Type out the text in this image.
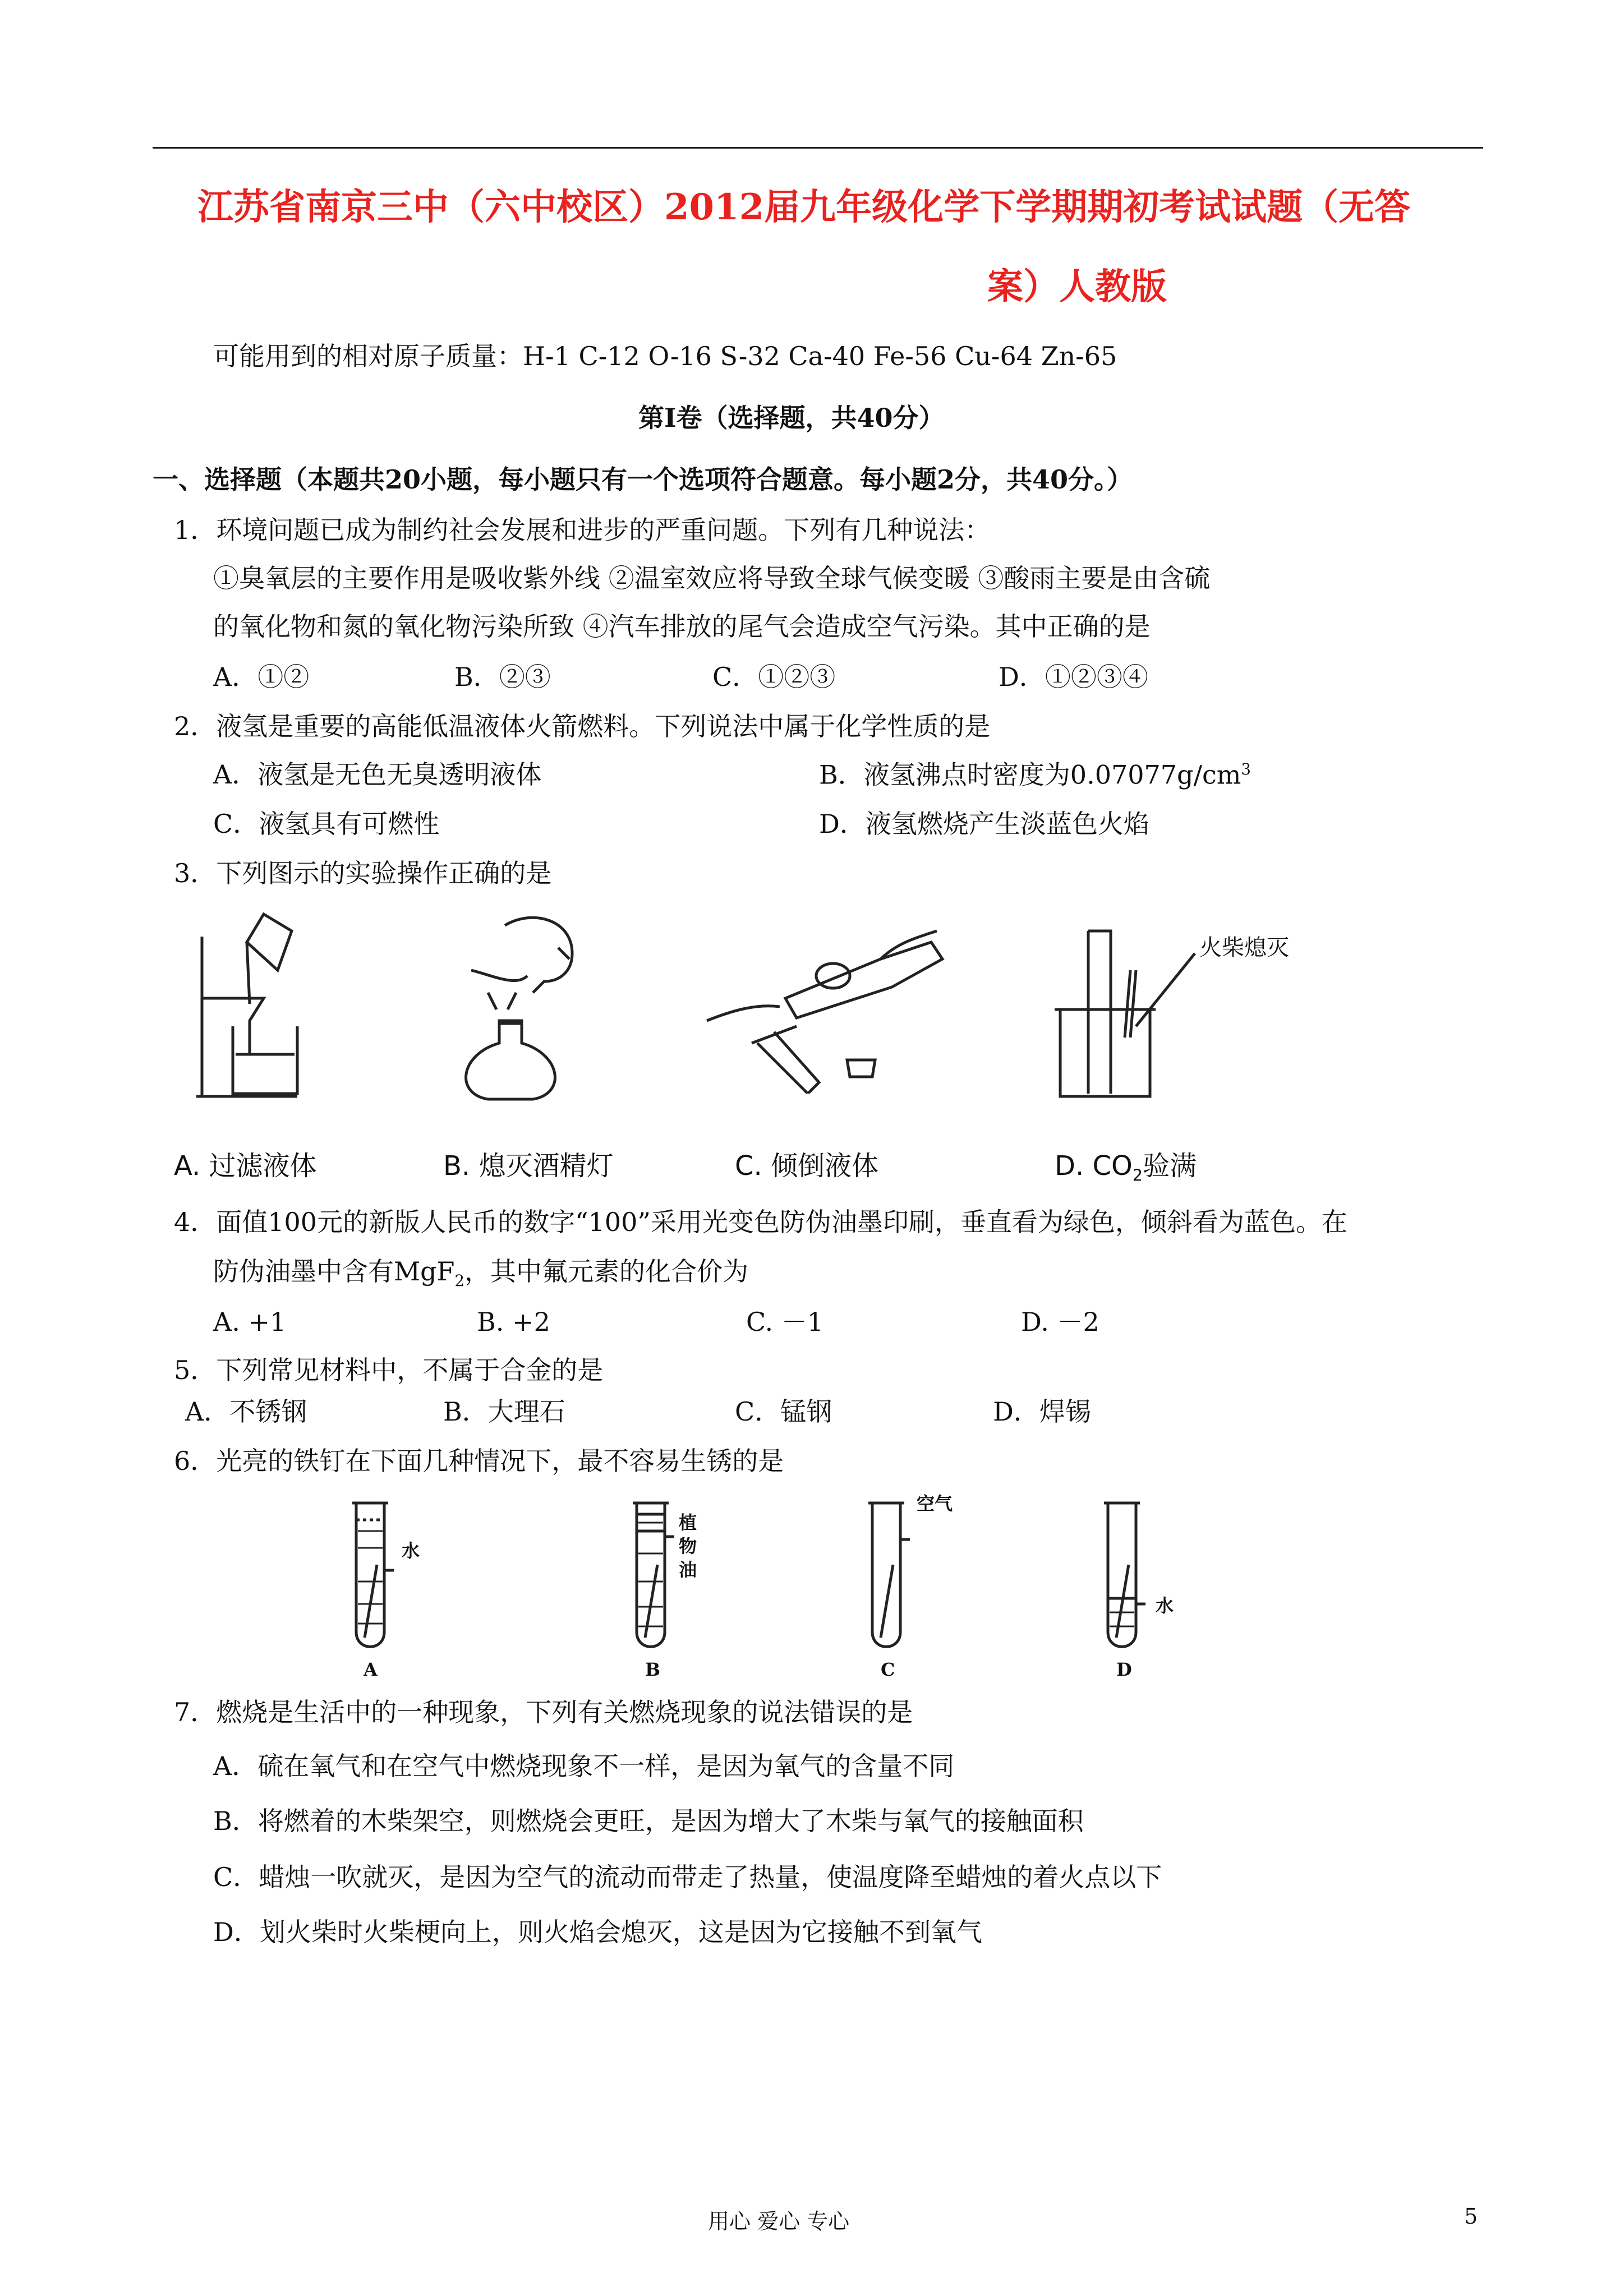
江苏省南京三中（六中校区）2012届九年级化学下学期期初考试试题（无答
案）人教版
可能用到的相对原子质量：H-1 C-12 O-16 S-32 Ca-40 Fe-56 Cu-64 Zn-65
第Ⅰ卷（选择题，共40分）
一、选择题（本题共20小题，每小题只有一个选项符合题意。每小题2分，共40分。）
1．环境问题已成为制约社会发展和进步的严重问题。下列有几种说法：
①臭氧层的主要作用是吸收紫外线 ②温室效应将导致全球气候变暖 ③酸雨主要是由含硫
的氧化物和氮的氧化物污染所致 ④汽车排放的尾气会造成空气污染。其中正确的是
A．①②	B．②③	C．①②③	D．①②③④
2．液氢是重要的高能低温液体火箭燃料。下列说法中属于化学性质的是
A．液氢是无色无臭透明液体	B．液氢沸点时密度为$0.07077g/cm^3$
C．液氢具有可燃性	D．液氢燃烧产生淡蓝色火焰
3．下列图示的实验操作正确的是
火柴熄灭
A. 过滤液体	B. 熄灭酒精灯	C. 倾倒液体	D. $CO_2$验满
4．面值100元的新版人民币的数字“100”采用光变色防伪油墨印刷，垂直看为绿色，倾斜看为蓝色。在
防伪油墨中含有MgF$_2$，其中氟元素的化合价为
A. +1	B. +2	C. －1	D. －2
5．下列常见材料中，不属于合金的是
A．不锈钢	B．大理石	C．锰钢	D．焊锡
6．光亮的铁钉在下面几种情况下，最不容易生锈的是
水
植
物
油
空气
水
A	B	C	D
7．燃烧是生活中的一种现象，下列有关燃烧现象的说法错误的是
A．硫在氧气和在空气中燃烧现象不一样，是因为氧气的含量不同
B．将燃着的木柴架空，则燃烧会更旺，是因为增大了木柴与氧气的接触面积
C．蜡烛一吹就灭，是因为空气的流动而带走了热量，使温度降至蜡烛的着火点以下
D．划火柴时火柴梗向上，则火焰会熄灭，这是因为它接触不到氧气
用心 爱心 专心	5
